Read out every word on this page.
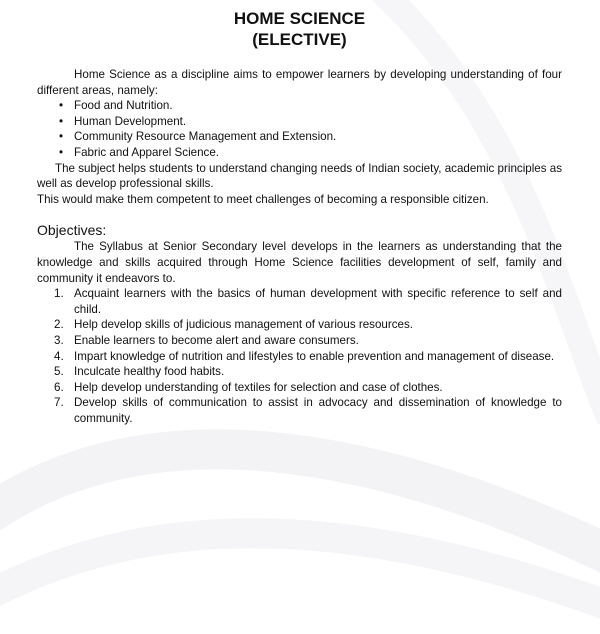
HOME SCIENCE
(ELECTIVE)

Home Science as a discipline aims to empower learners by developing understanding of four different areas, namely:

• Food and Nutrition.
• Human Development.
• Community Resource Management and Extension.
• Fabric and Apparel Science.

The subject helps students to understand changing needs of Indian society, academic principles as well as develop professional skills.

This would make them competent to meet challenges of becoming a responsible citizen.

Objectives:

The Syllabus at Senior Secondary level develops in the learners as understanding that the knowledge and skills acquired through Home Science facilities development of self, family and community it endeavors to.

1. Acquaint learners with the basics of human development with specific reference to self and child.
2. Help develop skills of judicious management of various resources.
3. Enable learners to become alert and aware consumers.
4. Impart knowledge of nutrition and lifestyles to enable prevention and management of disease.
5. Inculcate healthy food habits.
6. Help develop understanding of textiles for selection and case of clothes.
7. Develop skills of communication to assist in advocacy and dissemination of knowledge to community.
